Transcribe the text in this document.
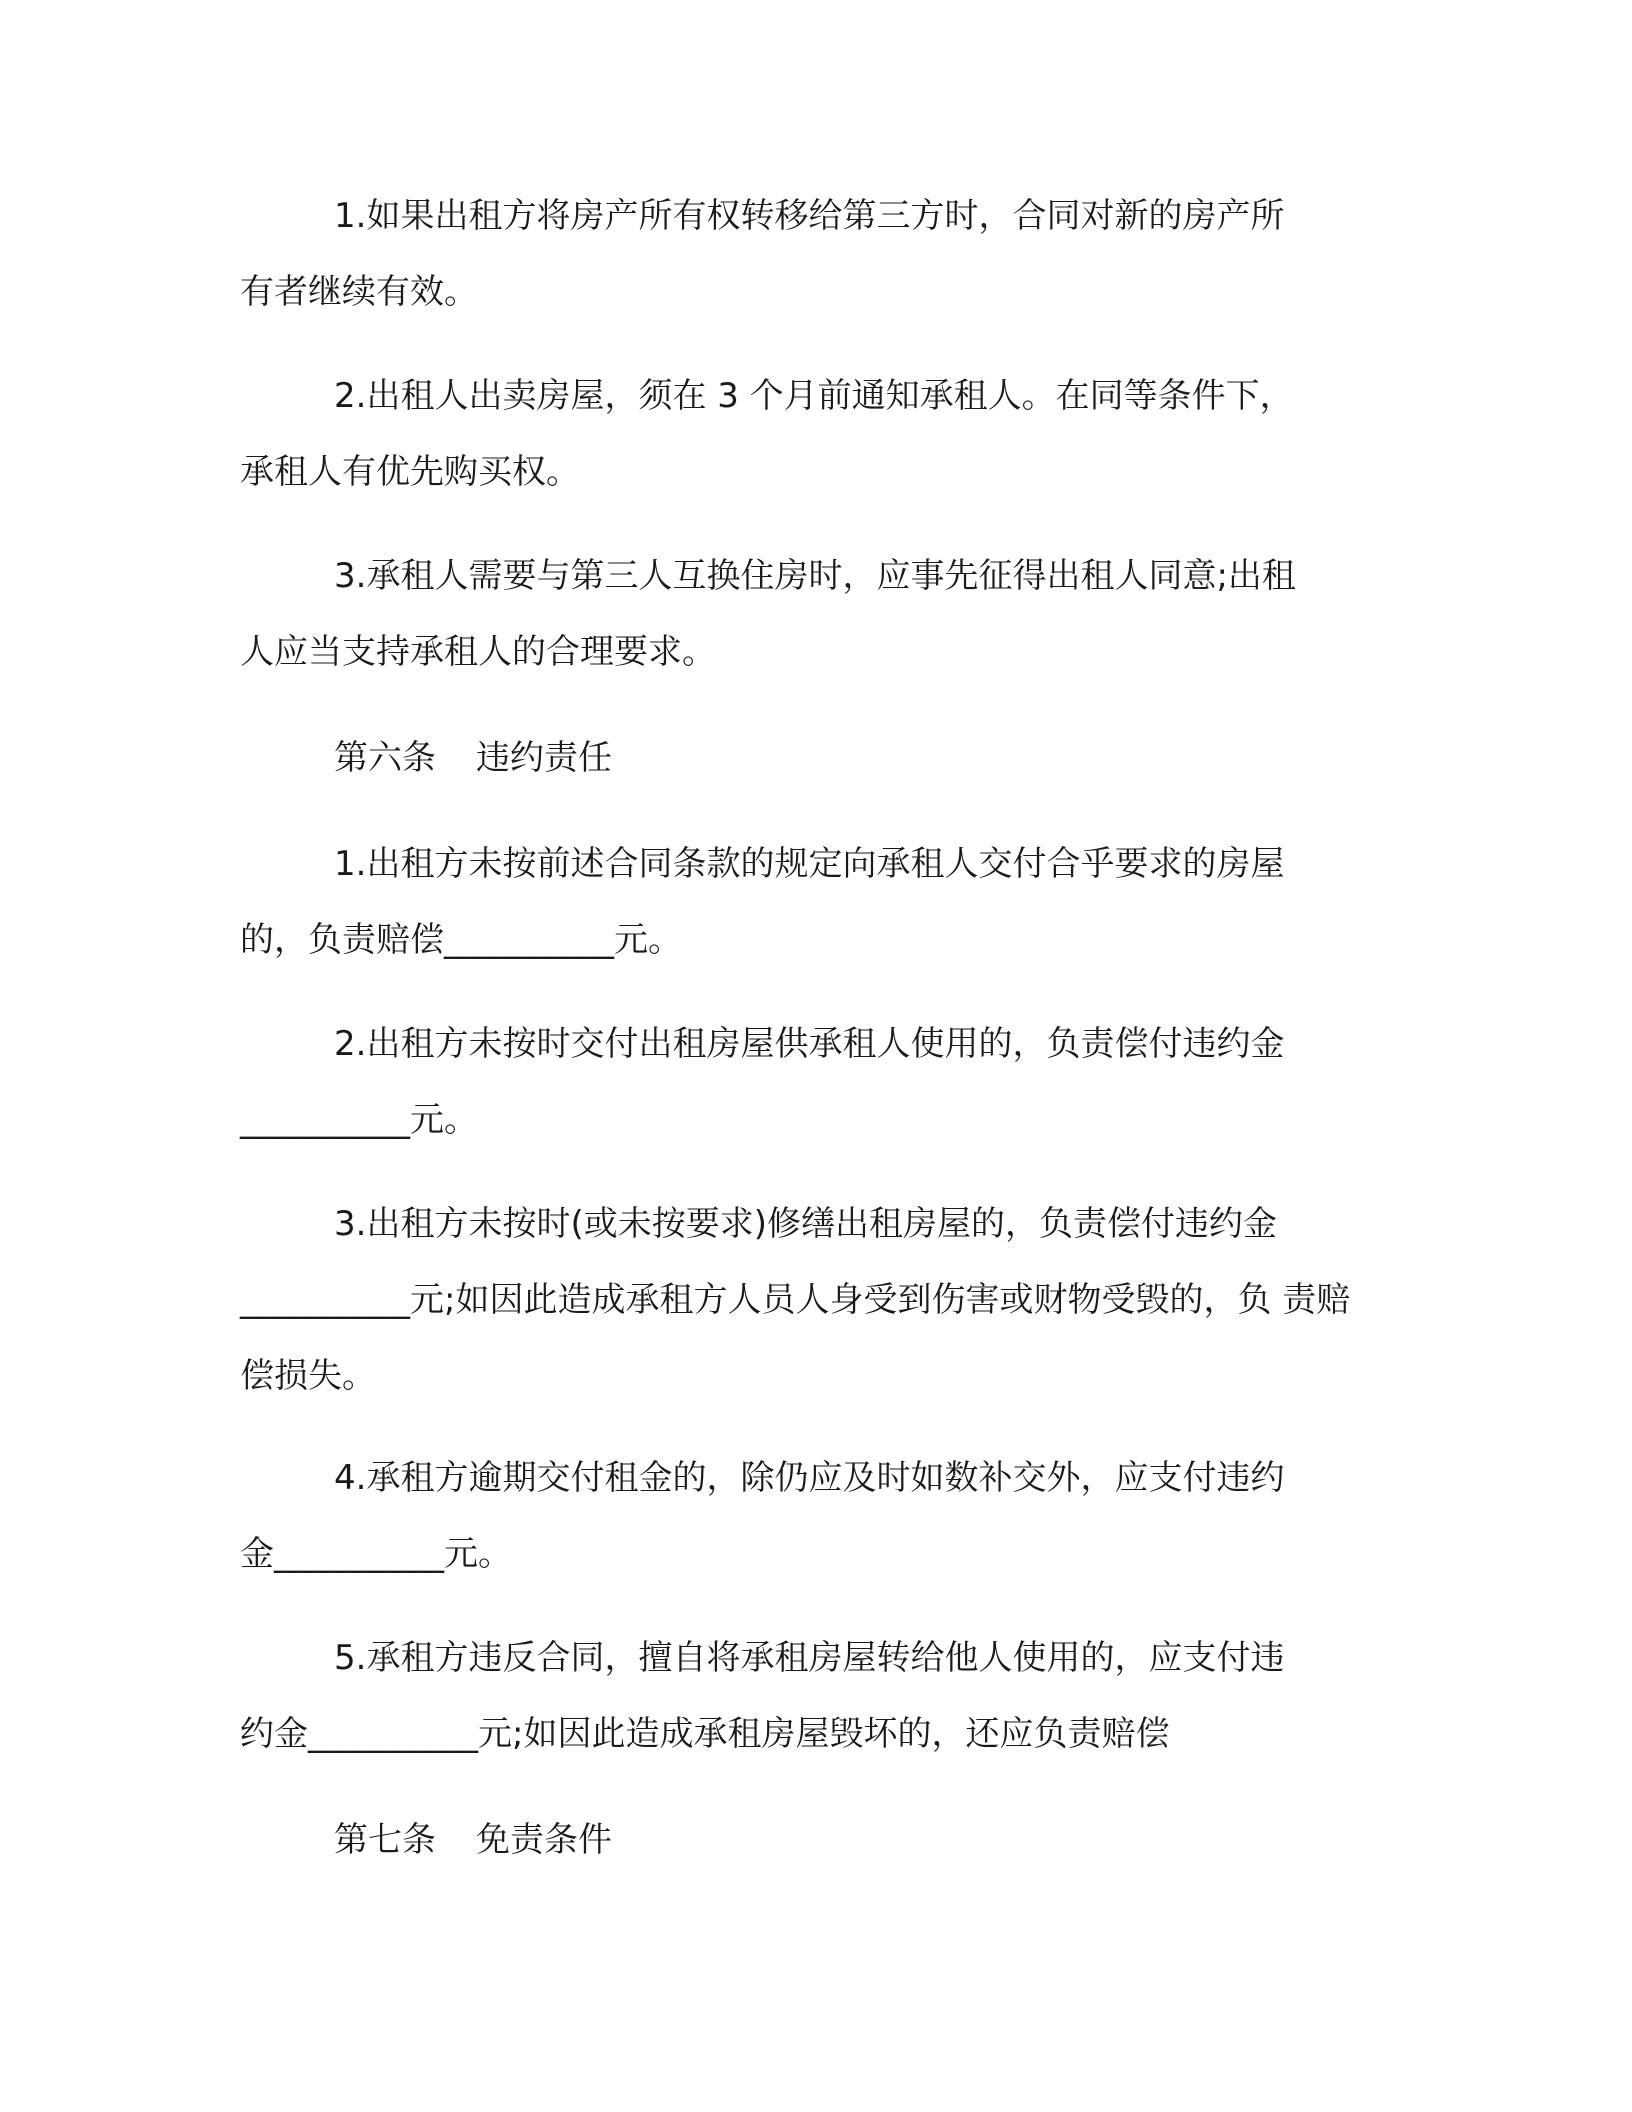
1.如果出租方将房产所有权转移给第三方时，合同对新的房产所
有者继续有效。

2.出租人出卖房屋，须在 3 个月前通知承租人。在同等条件下，
承租人有优先购买权。

3.承租人需要与第三人互换住房时，应事先征得出租人同意;出租
人应当支持承租人的合理要求。

第六条 违约责任

1.出租方未按前述合同条款的规定向承租人交付合乎要求的房屋
的，负责赔偿__________元。

2.出租方未按时交付出租房屋供承租人使用的，负责偿付违约金
__________元。

3.出租方未按时(或未按要求)修缮出租房屋的，负责偿付违约金
__________元;如因此造成承租方人员人身受到伤害或财物受毁的，负 责赔偿损失。

4.承租方逾期交付租金的，除仍应及时如数补交外，应支付违约
金__________元。

5.承租方违反合同，擅自将承租房屋转给他人使用的，应支付违
约金__________元;如因此造成承租房屋毁坏的，还应负责赔偿

第七条 免责条件
